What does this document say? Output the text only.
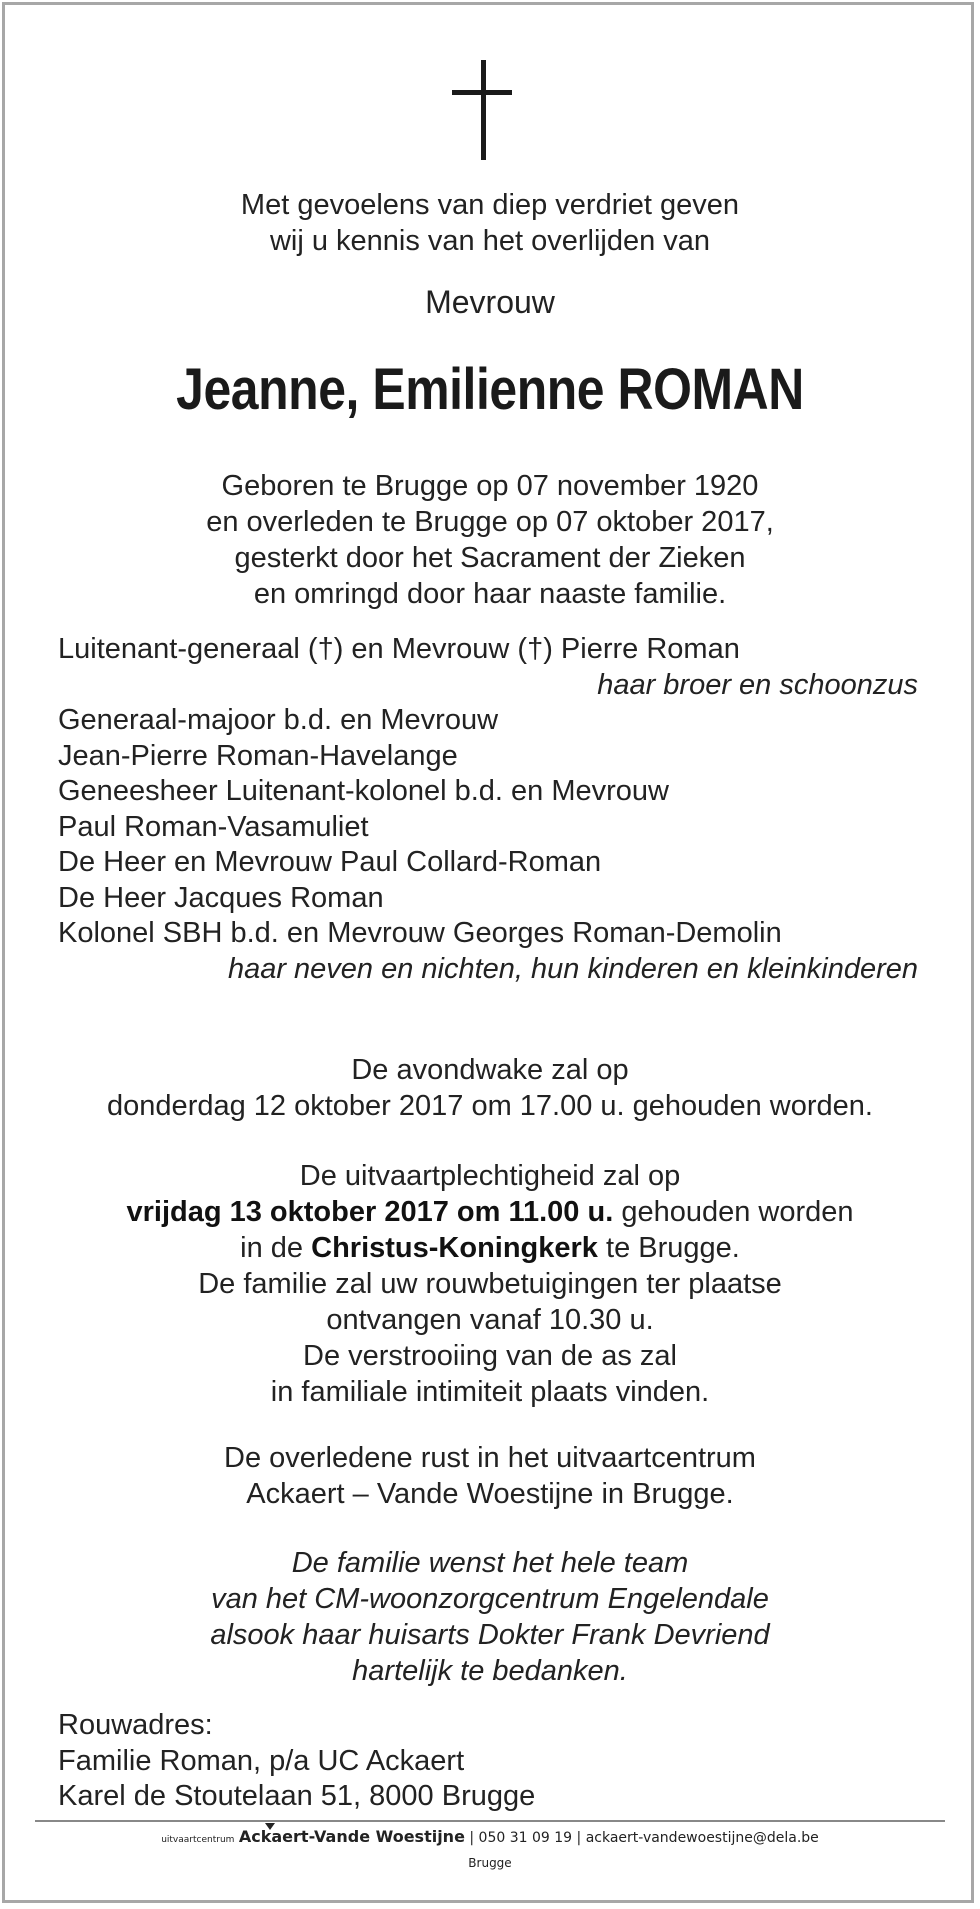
Met gevoelens van diep verdriet geven
wij u kennis van het overlijden van
Mevrouw
Jeanne, Emilienne ROMAN
Geboren te Brugge op 07 november 1920
en overleden te Brugge op 07 oktober 2017,
gesterkt door het Sacrament der Zieken
en omringd door haar naaste familie.
Luitenant-generaal (†) en Mevrouw (†) Pierre Roman
haar broer en schoonzus
Generaal-majoor b.d. en Mevrouw
Jean-Pierre Roman-Havelange
Geneesheer Luitenant-kolonel b.d. en Mevrouw
Paul Roman-Vasamuliet
De Heer en Mevrouw Paul Collard-Roman
De Heer Jacques Roman
Kolonel SBH b.d. en Mevrouw Georges Roman-Demolin
haar neven en nichten, hun kinderen en kleinkinderen
De avondwake zal op
donderdag 12 oktober 2017 om 17.00 u. gehouden worden.
De uitvaartplechtigheid zal op
vrijdag 13 oktober 2017 om 11.00 u. gehouden worden
in de Christus-Koningkerk te Brugge.
De familie zal uw rouwbetuigingen ter plaatse
ontvangen vanaf 10.30 u.
De verstrooiing van de as zal
in familiale intimiteit plaats vinden.
De overledene rust in het uitvaartcentrum
Ackaert – Vande Woestijne in Brugge.
De familie wenst het hele team
van het CM-woonzorgcentrum Engelendale
alsook haar huisarts Dokter Frank Devriend
hartelijk te bedanken.
Rouwadres:
Familie Roman, p/a UC Ackaert
Karel de Stoutelaan 51, 8000 Brugge
uitvaartcentrum Ackaert-Vande Woestijne | 050 31 09 19 | ackaert-vandewoestijne@dela.be
Brugge
